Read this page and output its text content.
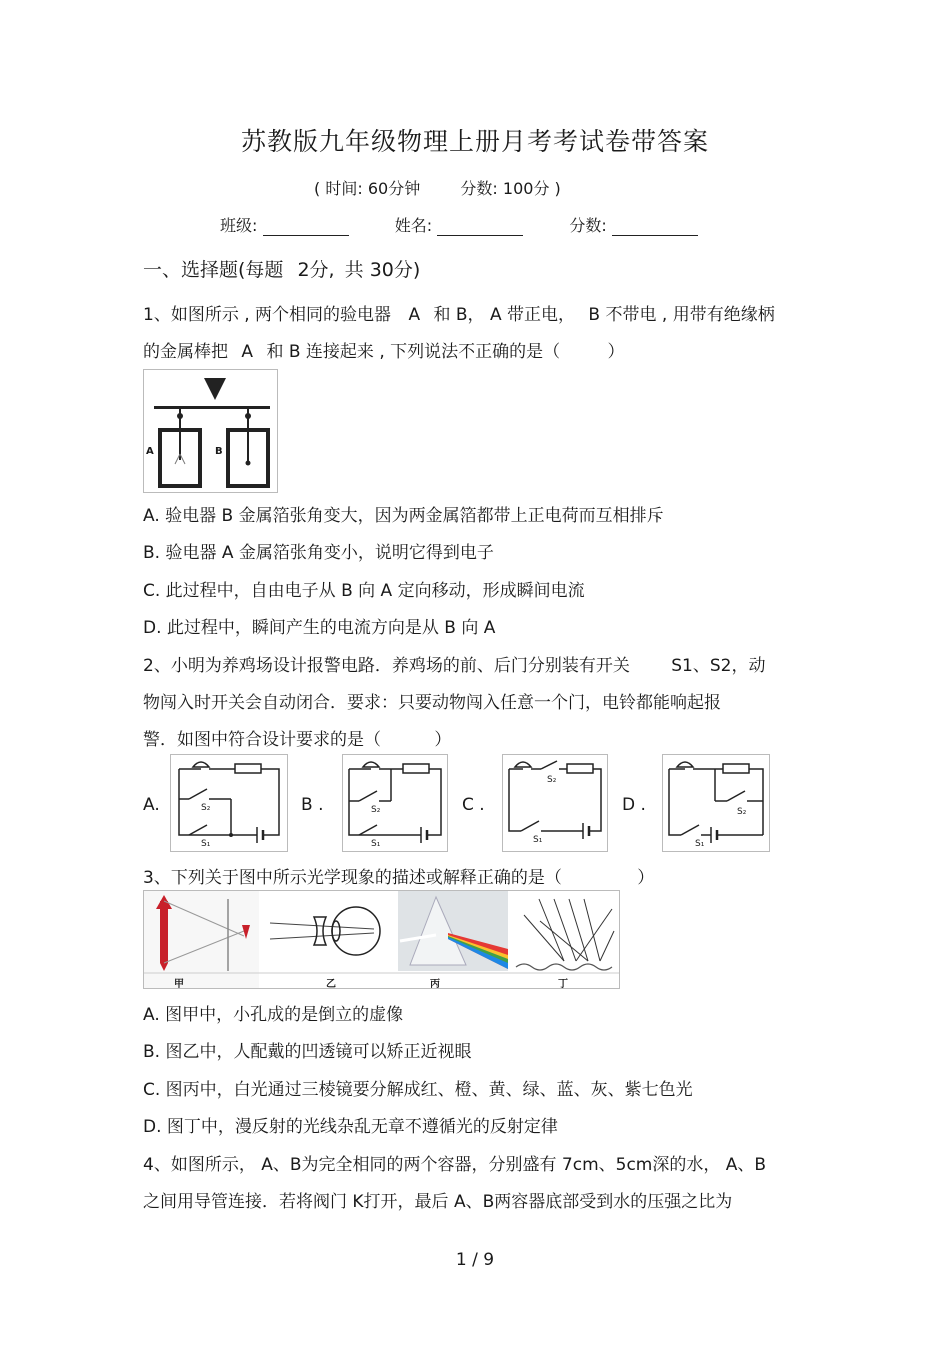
苏教版九年级物理上册月考考试卷带答案
( 时间: 60分钟	分数: 100分 )
班级:	姓名:	分数:
一、选择题(每题 2分, 共 30分)
1、如图所示 , 两个相同的验电器 A 和 B， A 带正电， B 不带电 , 用带有绝缘柄
的金属棒把 A 和 B 连接起来 , 下列说法不正确的是（	）
A	B
A. 验电器 B 金属箔张角变大，因为两金属箔都带上正电荷而互相排斥
B. 验电器 A 金属箔张角变小，说明它得到电子
C. 此过程中，自由电子从 B 向 A 定向移动，形成瞬间电流
D. 此过程中，瞬间产生的电流方向是从 B 向 A
2、小明为养鸡场设计报警电路．养鸡场的前、后门分别装有开关 S1、S2，动
物闯入时开关会自动闭合．要求：只要动物闯入任意一个门，电铃都能响起报
警．如图中符合设计要求的是（	）
A.	B .	C .	D .
S₂
S₁
S₂
S₁
S₂
S₁
S₂
S₁
3、下列关于图中所示光学现象的描述或解释正确的是（	）
甲	乙	丙	丁
A. 图甲中，小孔成的是倒立的虚像
B. 图乙中，人配戴的凹透镜可以矫正近视眼
C. 图丙中，白光通过三棱镜要分解成红、橙、黄、绿、蓝、灰、紫七色光
D. 图丁中，漫反射的光线杂乱无章不遵循光的反射定律
4、如图所示， A、B为完全相同的两个容器，分别盛有 7cm、5cm深的水， A、B
之间用导管连接．若将阀门 K打开，最后 A、B两容器底部受到水的压强之比为
1 / 9
